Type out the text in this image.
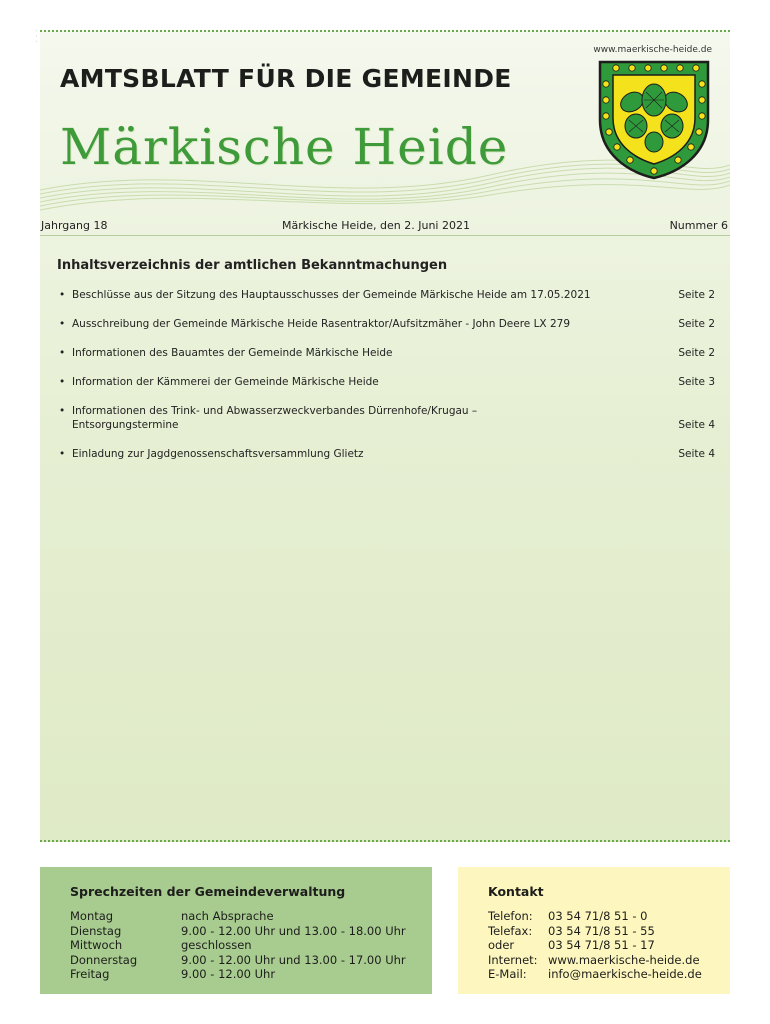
· · ·
www.maerkische-heide.de
AMTSBLATT FÜR DIE GEMEINDE
Märkische Heide
Jahrgang 18	Märkische Heide, den 2. Juni 2021	Nummer 6
Inhaltsverzeichnis der amtlichen Bekanntmachungen
• Beschlüsse aus der Sitzung des Hauptausschusses der Gemeinde Märkische Heide am 17.05.2021	Seite 2
• Ausschreibung der Gemeinde Märkische Heide Rasentraktor/Aufsitzmäher - John Deere LX 279	Seite 2
• Informationen des Bauamtes der Gemeinde Märkische Heide	Seite 2
• Information der Kämmerei der Gemeinde Märkische Heide	Seite 3
• Informationen des Trink- und Abwasserzweckverbandes Dürrenhofe/Krugau – Entsorgungstermine	Seite 4
• Einladung zur Jagdgenossenschaftsversammlung Glietz	Seite 4
Sprechzeiten der Gemeindeverwaltung
Montag	nach Absprache
Dienstag	9.00 - 12.00 Uhr und 13.00 - 18.00 Uhr
Mittwoch	geschlossen
Donnerstag	9.00 - 12.00 Uhr und 13.00 - 17.00 Uhr
Freitag	9.00 - 12.00 Uhr
Kontakt
Telefon:	03 54 71/8 51 - 0
Telefax:	03 54 71/8 51 - 55
oder	03 54 71/8 51 - 17
Internet: www.maerkische-heide.de
E-Mail:	info@maerkische-heide.de
